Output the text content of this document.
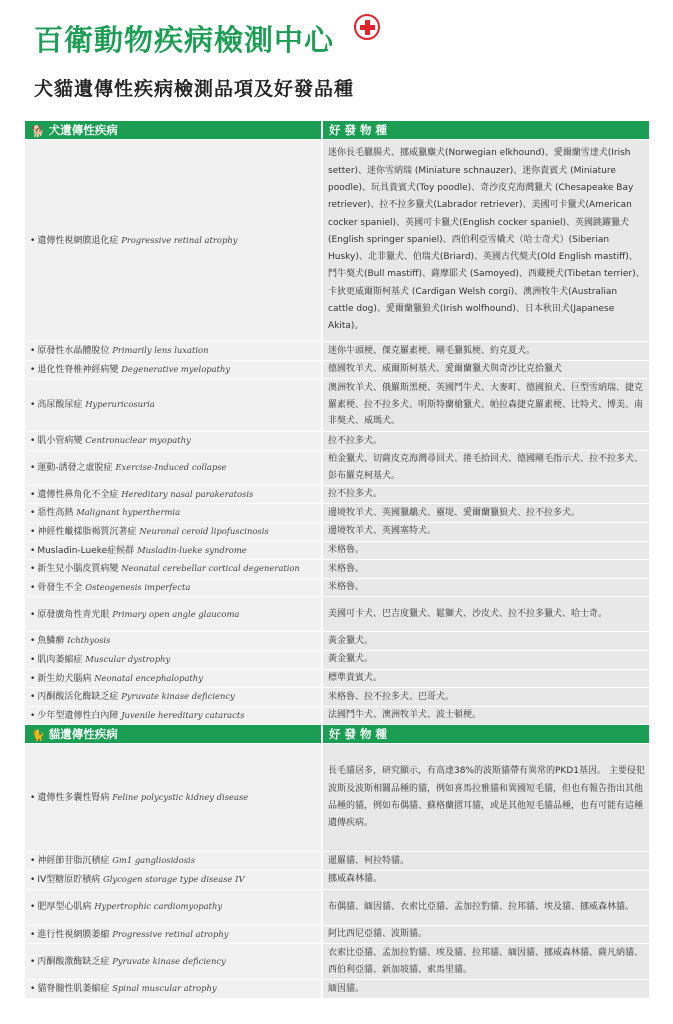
百衛動物疾病檢測中心
犬貓遺傳性疾病檢測品項及好發品種
🐕 犬遺傳性疾病	好 發 物 種
• 遺傳性視網膜退化症 Progressive retinal atrophy	迷你長毛臘腸犬、挪威獵麋犬(Norwegian elkhound)、愛爾蘭雪達犬(Irish setter)、迷你雪納瑞 (Miniature schnauzer)、迷你貴賓犬 (Miniature poodle)、玩具貴賓犬(Toy poodle)、奇沙皮克海灣獵犬 (Chesapeake Bay retriever)、拉不拉多獵犬(Labrador retriever)、美國可卡獵犬(American cocker spaniel)、英國可卡獵犬(English cocker spaniel)、英國跳躍獵犬(English springer spaniel)、西伯利亞雪橇犬（哈士奇犬）(Siberian Husky)、北非獵犬、伯瑞犬(Briard)、英國古代獒犬(Old English mastiff)、鬥牛獒犬(Bull mastiff)、薩摩耶犬 (Samoyed)、西藏梗犬(Tibetan terrier)、卡狄更威爾斯柯基犬 (Cardigan Welsh corgi)、澳洲牧牛犬(Australian cattle dog)、愛爾蘭獵狼犬(Irish wolfhound)、日本秋田犬(Japanese Akita)。
• 原發性水晶體脫位 Primarily lens luxation	迷你牛頭梗、傑克羅素梗、剛毛獵狐梗、約克夏犬。
• 退化性脊椎神經病變 Degenerative myelopathy	德國牧羊犬、威爾斯柯基犬、愛爾蘭獵犬與奇沙比克拾獵犬
• 高尿酸尿症 Hyperuricosuria	澳洲牧羊犬、俄羅斯黑梗、英國鬥牛犬、大麥町、德國狼犬、巨型雪納瑞、捷克羅素梗、拉不拉多犬、明斯特蘭槍獵犬、帕拉森捷克羅素梗、比特犬、博美、南非獒犬、威瑪犬。
• 肌小管病變 Centronuclear myopathy	拉不拉多犬。
• 運動-誘發之虛脫症 Exercise-Induced collapse	柏金獵犬、切薩皮克海灣尋回犬、捲毛拾回犬、德國剛毛指示犬、拉不拉多犬、彭布羅克柯基犬。
• 遺傳性鼻角化不全症 Hereditary nasal parakeratosis	拉不拉多犬。
• 惡性高熱 Malignant hyperthermia	邊境牧羊犬、英國獵鷸犬、靈堤、愛爾蘭獵狼犬、拉不拉多犬。
• 神經性蠟樣脂褐質沉著症 Neuronal ceroid lipofuscinosis	邊境牧羊犬、英國塞特犬。
• Musladin-Lueke症候群 Musladin-lueke syndrome	米格魯。
• 新生兒小腦皮質病變 Neonatal cerebellar cortical degeneration	米格魯。
• 骨發生不全 Osteogenesis imperfecta	米格魯。
• 原發廣角性青光眼 Primary open angle glaucoma	美國可卡犬、巴吉度獵犬、鬆獅犬、沙皮犬、拉不拉多獵犬、哈士奇。
• 魚鱗癬 Ichthyosis	黃金獵犬。
• 肌肉萎縮症 Muscular dystrophy	黃金獵犬。
• 新生幼犬腦病 Neonatal encephalopathy	標準貴賓犬。
• 丙酮酸活化酶缺乏症 Pyruvate kinase deficiency	米格魯、拉不拉多犬、巴哥犬。
• 少年型遺傳性白內障 Juvenile hereditary cataracts	法國鬥牛犬、澳洲牧羊犬、波士頓梗。
🐈 貓遺傳性疾病	好 發 物 種
• 遺傳性多囊性腎病 Feline polycystic kidney disease	長毛貓居多，研究顯示，有高達38%的波斯貓帶有異常的PKD1基因。 主要侵犯波斯及波斯相關品種的貓，例如喜馬拉雅貓和異國短毛貓，但也有報告指出其他品種的貓，例如布偶貓、蘇格蘭摺耳貓，或是其他短毛貓品種，也有可能有這種遺傳疾病。
• 神經節苷脂沉積症 Gm1 gangliosidosis	暹羅貓、柯拉特貓。
• IV型糖原貯積病 Glycogen storage type disease IV	挪威森林貓。
• 肥厚型心肌病 Hypertrophic cardiomyopathy	布偶貓、緬因貓、衣索比亞貓、孟加拉豹貓、拉邦貓、埃及貓、挪威森林貓。
• 進行性視網膜萎縮 Progressive retinal atrophy	阿比西尼亞貓、波斯貓。
• 丙酮酸激酶缺乏症 Pyruvate kinase deficiency	衣索比亞貓、孟加拉豹貓、埃及貓、拉邦貓、緬因貓、挪威森林貓、薩凡納貓、西伯利亞貓、新加坡貓、索馬里貓。
• 貓脊髓性肌萎縮症 Spinal muscular atrophy	緬因貓。
